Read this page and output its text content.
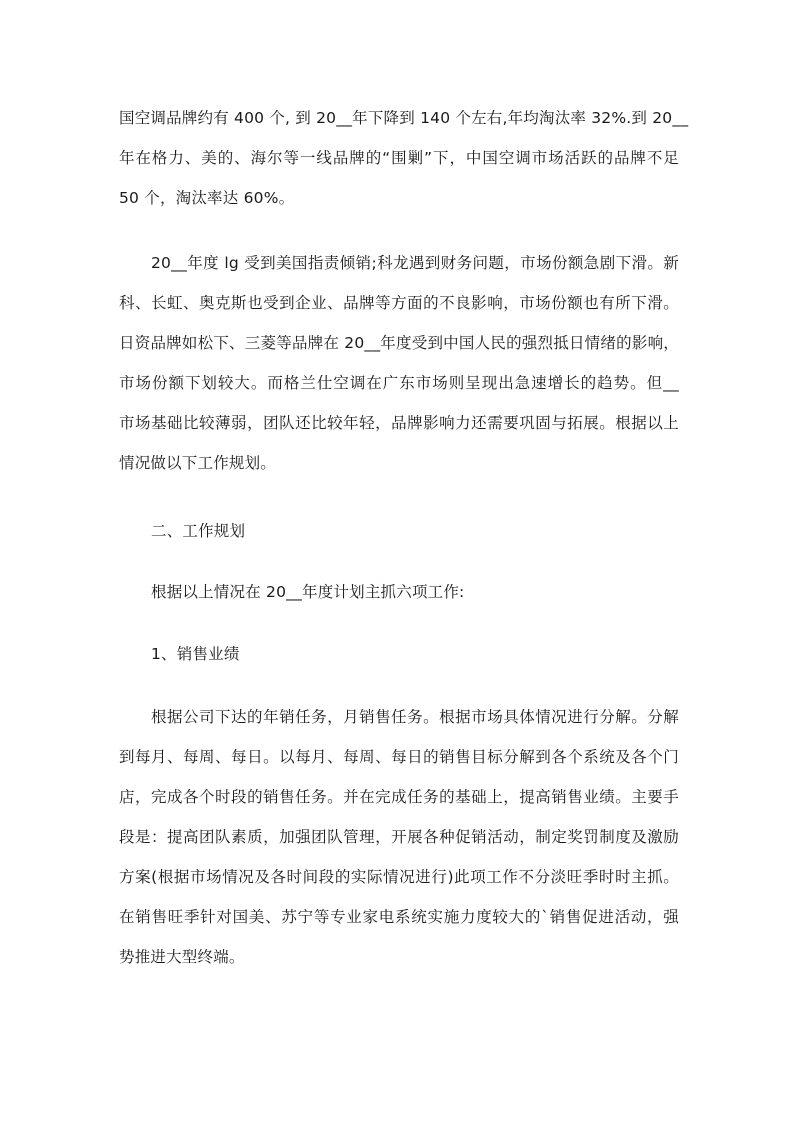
国空调品牌约有 400 个, 到 20__年下降到 140 个左右,年均淘汰率 32%.到 20__
年在格力、美的、海尔等一线品牌的“围剿”下，中国空调市场活跃的品牌不足
50 个，淘汰率达 60%。
20__年度 lg 受到美国指责倾销;科龙遇到财务问题，市场份额急剧下滑。新
科、长虹、奥克斯也受到企业、品牌等方面的不良影响，市场份额也有所下滑。
日资品牌如松下、三菱等品牌在 20__年度受到中国人民的强烈抵日情绪的影响，
市场份额下划较大。而格兰仕空调在广东市场则呈现出急速增长的趋势。但__
市场基础比较薄弱，团队还比较年轻，品牌影响力还需要巩固与拓展。根据以上
情况做以下工作规划。

二、工作规划

根据以上情况在 20__年度计划主抓六项工作:

1、销售业绩

根据公司下达的年销任务，月销售任务。根据市场具体情况进行分解。分解
到每月、每周、每日。以每月、每周、每日的销售目标分解到各个系统及各个门
店，完成各个时段的销售任务。并在完成任务的基础上，提高销售业绩。主要手
段是：提高团队素质，加强团队管理，开展各种促销活动，制定奖罚制度及激励
方案(根据市场情况及各时间段的实际情况进行)此项工作不分淡旺季时时主抓。
在销售旺季针对国美、苏宁等专业家电系统实施力度较大的`销售促进活动，强
势推进大型终端。
